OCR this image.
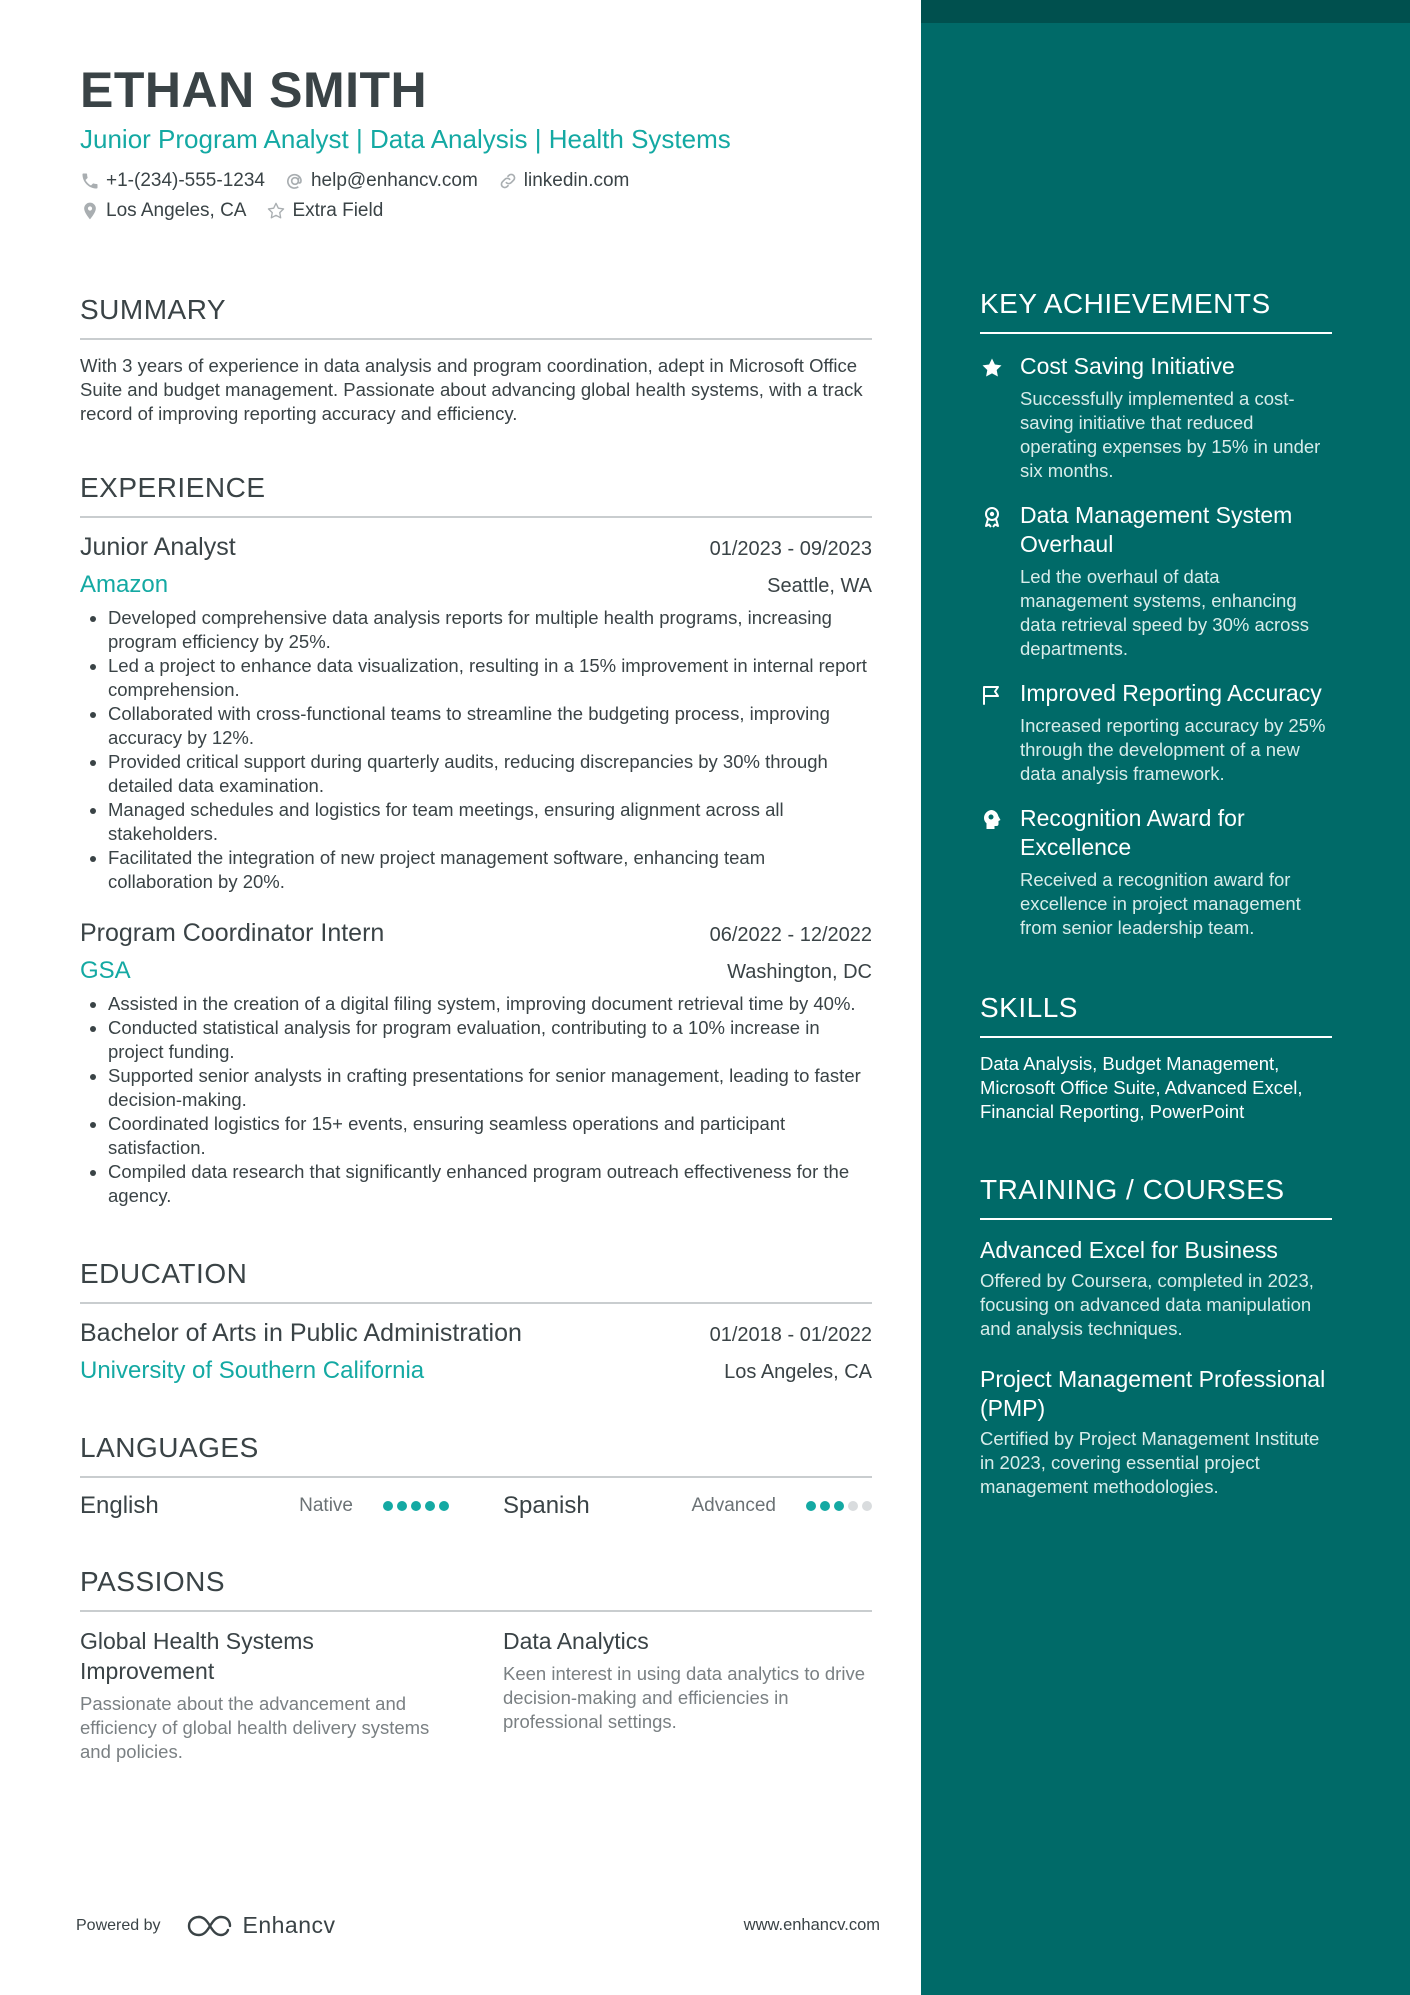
ETHAN SMITH
Junior Program Analyst | Data Analysis | Health Systems
+1-(234)-555-1234 help@enhancv.com linkedin.com
Los Angeles, CA Extra Field
SUMMARY
With 3 years of experience in data analysis and program coordination, adept in Microsoft Office Suite and budget management. Passionate about advancing global health systems, with a track record of improving reporting accuracy and efficiency.
EXPERIENCE
Junior Analyst	01/2023 - 09/2023
Amazon	Seattle, WA
• Developed comprehensive data analysis reports for multiple health programs, increasing program efficiency by 25%.
• Led a project to enhance data visualization, resulting in a 15% improvement in internal report comprehension.
• Collaborated with cross-functional teams to streamline the budgeting process, improving accuracy by 12%.
• Provided critical support during quarterly audits, reducing discrepancies by 30% through detailed data examination.
• Managed schedules and logistics for team meetings, ensuring alignment across all stakeholders.
• Facilitated the integration of new project management software, enhancing team collaboration by 20%.
Program Coordinator Intern	06/2022 - 12/2022
GSA	Washington, DC
• Assisted in the creation of a digital filing system, improving document retrieval time by 40%.
• Conducted statistical analysis for program evaluation, contributing to a 10% increase in project funding.
• Supported senior analysts in crafting presentations for senior management, leading to faster decision-making.
• Coordinated logistics for 15+ events, ensuring seamless operations and participant satisfaction.
• Compiled data research that significantly enhanced program outreach effectiveness for the agency.
EDUCATION
Bachelor of Arts in Public Administration	01/2018 - 01/2022
University of Southern California	Los Angeles, CA
LANGUAGES
English	Native	Spanish	Advanced
PASSIONS
Global Health Systems Improvement
Passionate about the advancement and efficiency of global health delivery systems and policies.
Data Analytics
Keen interest in using data analytics to drive decision-making and efficiencies in professional settings.
Powered by	Enhancv	www.enhancv.com
KEY ACHIEVEMENTS
Cost Saving Initiative
Successfully implemented a cost-saving initiative that reduced operating expenses by 15% in under six months.
Data Management System Overhaul
Led the overhaul of data management systems, enhancing data retrieval speed by 30% across departments.
Improved Reporting Accuracy
Increased reporting accuracy by 25% through the development of a new data analysis framework.
Recognition Award for Excellence
Received a recognition award for excellence in project management from senior leadership team.
SKILLS
Data Analysis, Budget Management, Microsoft Office Suite, Advanced Excel, Financial Reporting, PowerPoint
TRAINING / COURSES
Advanced Excel for Business
Offered by Coursera, completed in 2023, focusing on advanced data manipulation and analysis techniques.
Project Management Professional (PMP)
Certified by Project Management Institute in 2023, covering essential project management methodologies.
